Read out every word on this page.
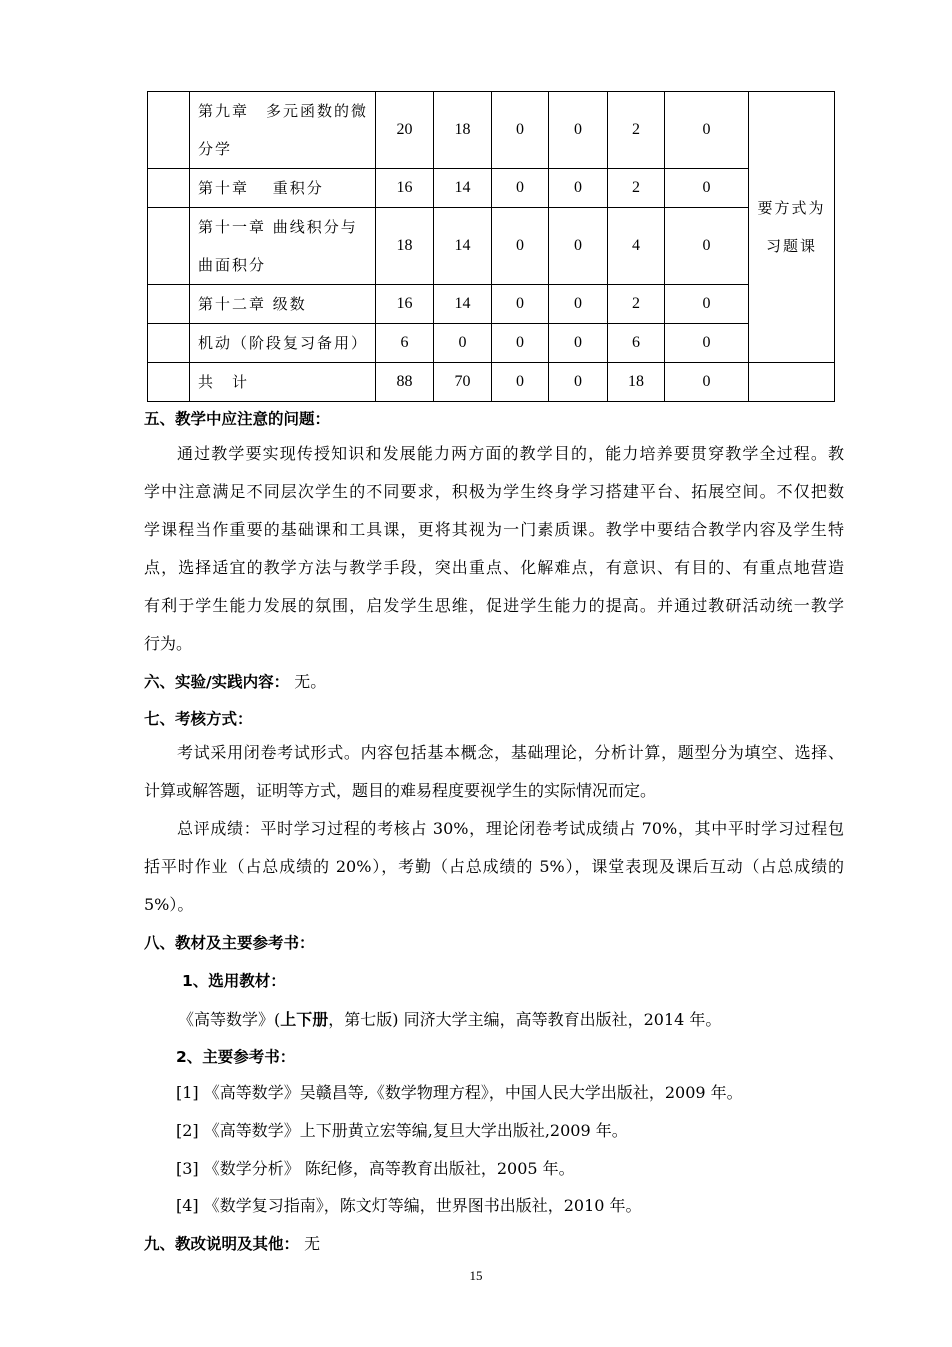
	第九章　多元函数的微
分学	20	18	0	0	2	0	要方式为
习题课
	第十章　 重积分	16	14	0	0	2	0	
	第十一章 曲线积分与
曲面积分	18	14	0	0	4	0	
	第十二章 级数	16	14	0	0	2	0	
	机动（阶段复习备用）	6	0	0	0	6	0	
	共　计	88	70	0	0	18	0	
五、教学中应注意的问题：
通过教学要实现传授知识和发展能力两方面的教学目的，能力培养要贯穿教学全过程。教
学中注意满足不同层次学生的不同要求，积极为学生终身学习搭建平台、拓展空间。不仅把数
学课程当作重要的基础课和工具课，更将其视为一门素质课。教学中要结合教学内容及学生特
点，选择适宜的教学方法与教学手段，突出重点、化解难点，有意识、有目的、有重点地营造
有利于学生能力发展的氛围，启发学生思维，促进学生能力的提高。并通过教研活动统一教学
行为。
六、实验/实践内容： 无。
七、考核方式：
考试采用闭卷考试形式。内容包括基本概念，基础理论，分析计算，题型分为填空、选择、
计算或解答题，证明等方式，题目的难易程度要视学生的实际情况而定。
总评成绩：平时学习过程的考核占 30%，理论闭卷考试成绩占 70%，其中平时学习过程包
括平时作业（占总成绩的 20%），考勤（占总成绩的 5%），课堂表现及课后互动（占总成绩的
5%）。
八、教材及主要参考书：
1、选用教材：
《高等数学》(上下册，第七版) 同济大学主编，高等教育出版社，2014 年。
2、主要参考书：
[1] 《高等数学》吴赣昌等,《数学物理方程》，中国人民大学出版社，2009 年。
[2] 《高等数学》上下册黄立宏等编,复旦大学出版社,2009 年。
[3] 《数学分析》 陈纪修，高等教育出版社，2005 年。
[4] 《数学复习指南》，陈文灯等编，世界图书出版社，2010 年。
九、教改说明及其他： 无
15
